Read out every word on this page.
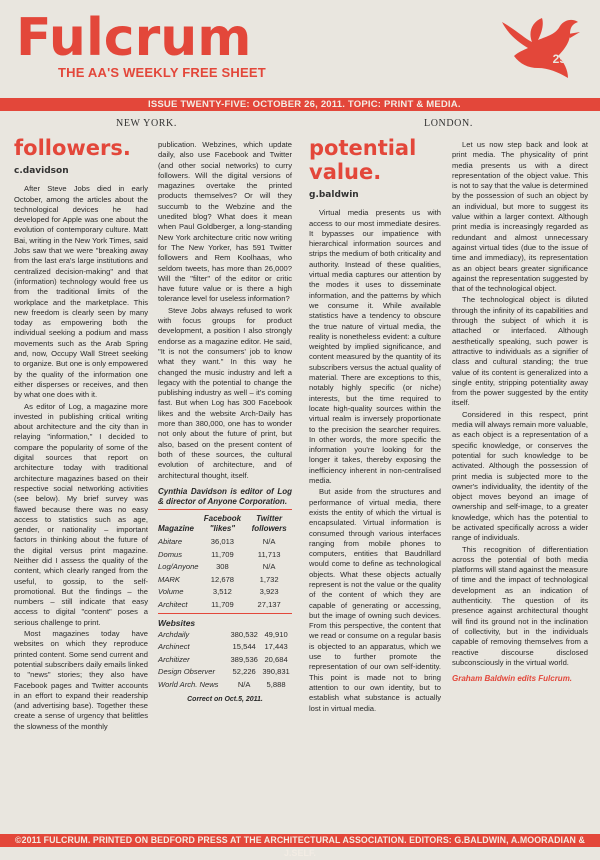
Fulcrum
THE AA'S WEEKLY FREE SHEET
25
ISSUE TWENTY-FIVE: OCTOBER 26, 2011. TOPIC: PRINT & MEDIA.
NEW YORK.	LONDON.
followers.
c.davidson

After Steve Jobs died in early October, among the articles about the technological devices he had developed for Apple was one about the evolution of contemporary culture. Matt Bai, writing in the New York Times, said Jobs saw that we were "breaking away from the last era's large institutions and centralized decision-making" and that (information) technology would free us from the traditional limits of the workplace and the marketplace. This new freedom is clearly seen by many today as empowering both the individual seeking a podium and mass movements such as the Arab Spring and, now, Occupy Wall Street seeking to organize. But one is only empowered by the quality of the information one either disperses or receives, and then by what one does with it.

As editor of Log, a magazine more invested in publishing critical writing about architecture and the city than in relaying "information," I decided to compare the popularity of some of the digital sources that report on architecture today with traditional architecture magazines based on their respective social networking activities (see below). My brief survey was flawed because there was no easy access to statistics such as age, gender, or nationality – important factors in thinking about the future of the digital versus print magazine. Neither did I assess the quality of the content, which clearly ranged from the useful, to gossip, to the self-promotional. But the findings – the numbers – still indicate that easy access to digital "content" poses a serious challenge to print.

Most magazines today have websites on which they reproduce printed content. Some send current and potential subscribers daily emails linked to "news" stories; they also have Facebook pages and Twitter accounts in an effort to expand their readership (and advertising base). Together these create a sense of urgency that belittles the slowness of the monthly

publication. Webzines, which update daily, also use Facebook and Twitter (and other social networks) to curry followers. Will the digital versions of magazines overtake the printed products themselves? Or will they succumb to the Webzine and the unedited blog? What does it mean when Paul Goldberger, a long-standing New York architecture critic now writing for The New Yorker, has 591 Twitter followers and Rem Koolhaas, who seldom tweets, has more than 26,000? Will the "filter" of the editor or critic have future value or is there a high tolerance level for useless information?

Steve Jobs always refused to work with focus groups for product development, a position I also strongly endorse as a magazine editor. He said, "It is not the consumers' job to know what they want." In this way he changed the music industry and left a legacy with the potential to change the publishing industry as well – it's coming fast. But when Log has 300 Facebook likes and the website Arch-Daily has more than 380,000, one has to wonder not only about the future of print, but also, based on the present content of both of these sources, the cultural evolution of architecture, and of architectural thought, itself.

Cynthia Davidson is editor of Log & director of Anyone Corporation.

Magazine	Facebook "likes"	Twitter followers
Abitare	36,013	N/A
Domus	11,709	11,713
Log/Anyone	308	N/A
MARK	12,678	1,732
Volume	3,512	3,923
Architect	11,709	27,137
Websites
Archdaily	380,532	49,910
Archinect	15,544	17,443
Architizer	389,536	20,684
Design Observer	52,226	390,831
World Arch. News	N/A	5,888
Correct on Oct.5, 2011.
potential
value.
g.baldwin

Virtual media presents us with access to our most immediate desires. It bypasses our impatience with hierarchical information sources and strips the medium of both criticality and authority. Instead of these qualities, virtual media captures our attention by the modes it uses to disseminate information, and the patterns by which we consume it. While available statistics have a tendency to obscure the true nature of virtual media, the reality is nonetheless evident: a culture weighted by implied significance, and content measured by the quantity of its subscribers versus the actual quality of material. There are exceptions to this, notably highly specific (or niche) interests, but the time required to locate high-quality sources within the virtual realm is inversely proportionate to the precision the searcher requires. In other words, the more specific the information you're looking for the longer it takes, thereby exposing the inefficiency inherent in non-centralised media.

But aside from the structures and performance of virtual media, there exists the entity of which the virtual is encapsulated. Virtual information is consumed through various interfaces ranging from mobile phones to computers, entities that Baudrillard would come to define as technological objects. What these objects actually represent is not the value or the quality of the content of which they are capable of generating or accessing, but the image of owning such devices. From this perspective, the content that we read or consume on a regular basis is objected to an apparatus, which we use to further promote the representation of our own self-identity. This point is made not to bring attention to our own identity, but to establish what substance is actually lost in virtual media.

Let us now step back and look at print media. The physicality of print media presents us with a direct representation of the object value. This is not to say that the value is determined by the possession of such an object by an individual, but more to suggest its value within a larger context. Although print media is increasingly regarded as redundant and almost unnecessary against virtual tides (due to the issue of time and immediacy), its representation as an object bears greater significance against the representation suggested by that of the technological object.

The technological object is diluted through the infinity of its capabilities and through the subject of which it is attached or interfaced. Although aesthetically speaking, such power is attractive to individuals as a signifier of class and cultural standing; the true value of its content is generalized into a single entity, stripping potentiality away from the power suggested by the entity itself.

Considered in this respect, print media will always remain more valuable, as each object is a representation of a specific knowledge, or conserves the potential for such knowledge to be activated. Although the possession of print media is subjected more to the owner's individuality, the identity of the object moves beyond an image of ownership and self-image, to a greater knowledge, which has the potential to be activated specifically across a wider range of individuals.

This recognition of differentiation across the potential of both media platforms will stand against the measure of time and the impact of technological development as an indication of authenticity. The question of its presence against architectural thought will find its ground not in the inclination of collectivity, but in the individuals capable of removing themselves from a reactive discourse disclosed subconsciously in the virtual world.

Graham Baldwin edits Fulcrum.

©2011 FULCRUM. PRINTED ON BEDFORD PRESS AT THE ARCHITECTURAL ASSOCIATION. EDITORS: G.BALDWIN, A.MOORADIAN & J.SELF.
